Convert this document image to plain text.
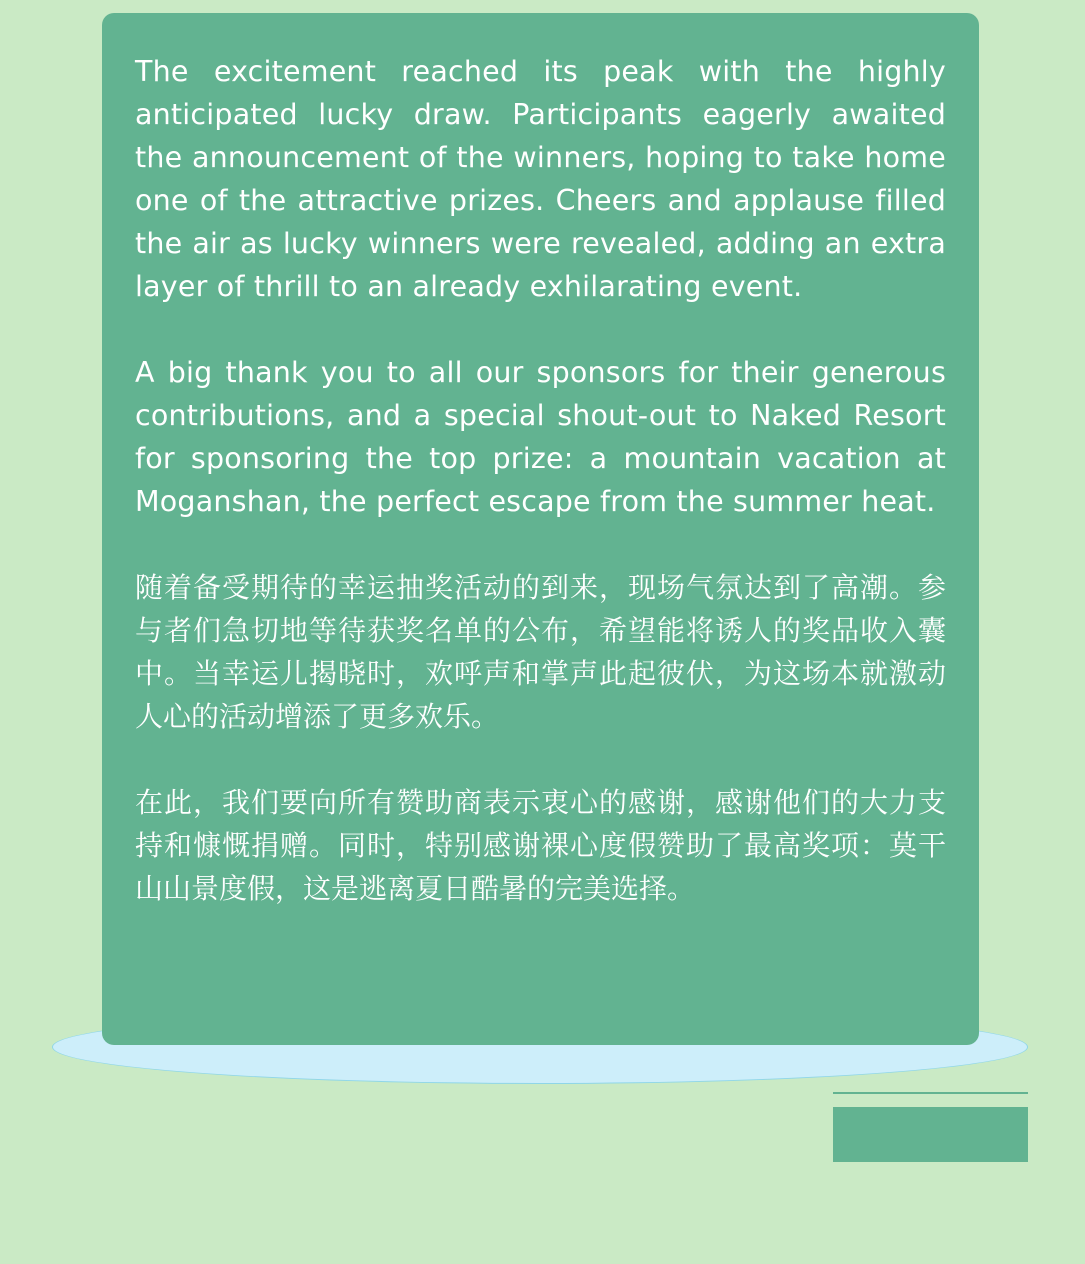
The excitement reached its peak with the highly anticipated lucky draw. Participants eagerly awaited the announcement of the winners, hoping to take home one of the attractive prizes. Cheers and applause filled the air as lucky winners were revealed, adding an extra layer of thrill to an already exhilarating event.

A big thank you to all our sponsors for their generous contributions, and a special shout-out to Naked Resort for sponsoring the top prize: a mountain vacation at Moganshan, the perfect escape from the summer heat.

随着备受期待的幸运抽奖活动的到来，现场气氛达到了高潮。参与者们急切地等待获奖名单的公布，希望能将诱人的奖品收入囊中。当幸运儿揭晓时，欢呼声和掌声此起彼伏，为这场本就激动人心的活动增添了更多欢乐。

在此，我们要向所有赞助商表示衷心的感谢，感谢他们的大力支持和慷慨捐赠。同时，特别感谢裸心度假赞助了最高奖项：莫干山山景度假，这是逃离夏日酷暑的完美选择。
